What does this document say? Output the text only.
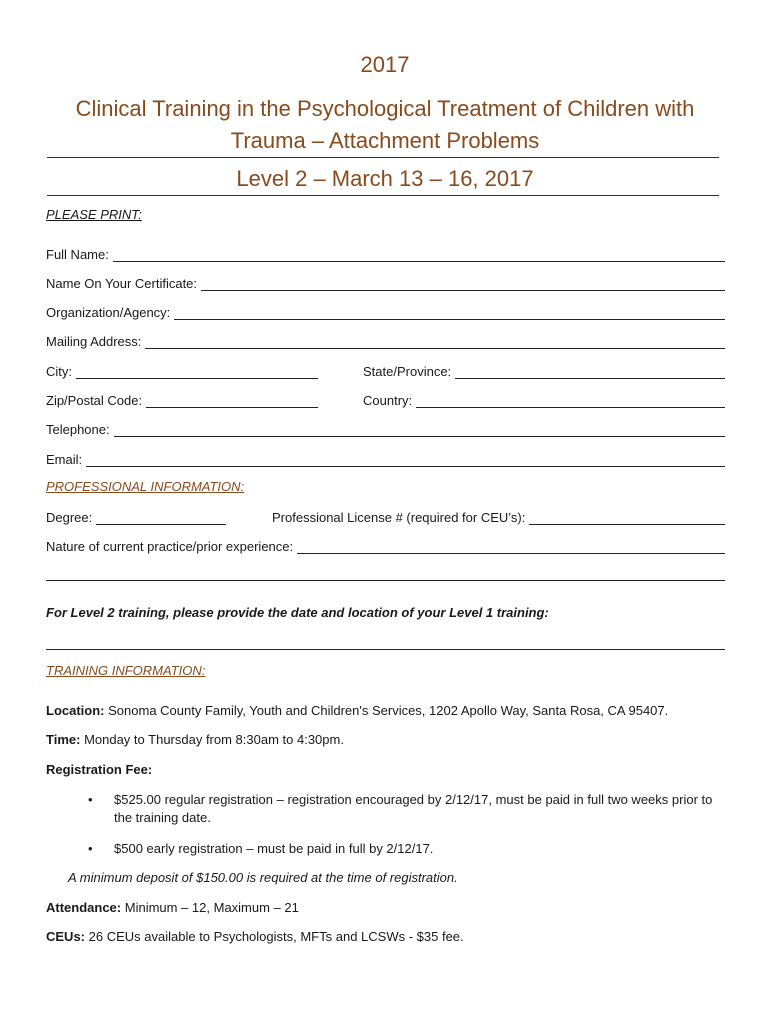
2017
Clinical Training in the Psychological Treatment of Children with Trauma – Attachment Problems
Level 2 – March 13 – 16, 2017
PLEASE PRINT:
Full Name:
Name On Your Certificate:
Organization/Agency:
Mailing Address:
City:	State/Province:
Zip/Postal Code:	Country:
Telephone:
Email:
PROFESSIONAL INFORMATION:
Degree:	Professional License # (required for CEU’s):
Nature of current practice/prior experience:
For Level 2 training, please provide the date and location of your Level 1 training:
TRAINING INFORMATION:
Location: Sonoma County Family, Youth and Children's Services, 1202 Apollo Way, Santa Rosa, CA 95407.
Time: Monday to Thursday from 8:30am to 4:30pm.
Registration Fee:
• $525.00 regular registration – registration encouraged by 2/12/17, must be paid in full two weeks prior to the training date.
• $500 early registration – must be paid in full by 2/12/17.
A minimum deposit of $150.00 is required at the time of registration.
Attendance: Minimum – 12, Maximum – 21
CEUs: 26 CEUs available to Psychologists, MFTs and LCSWs - $35 fee.
